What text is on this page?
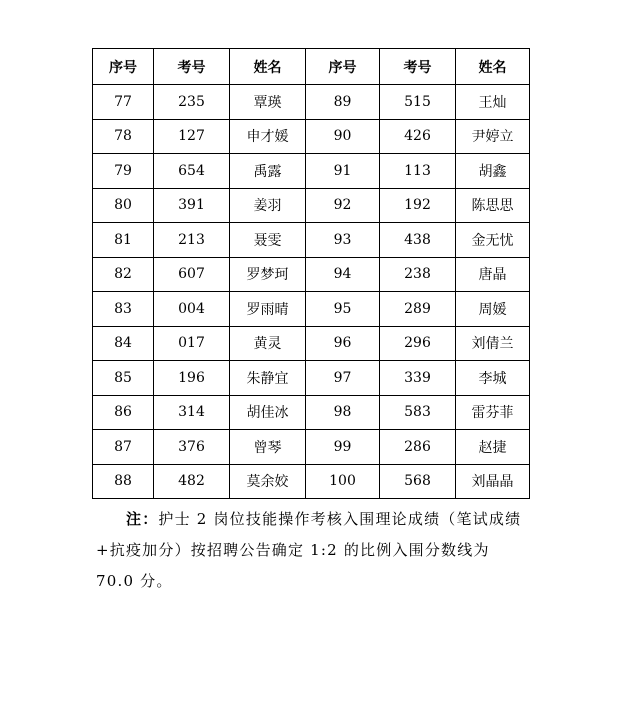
序号	考号	姓名	序号	考号	姓名
77	235	覃瑛	89	515	王灿
78	127	申才媛	90	426	尹婷立
79	654	禹露	91	113	胡鑫
80	391	姜羽	92	192	陈思思
81	213	聂雯	93	438	金无忧
82	607	罗梦珂	94	238	唐晶
83	004	罗雨晴	95	289	周媛
84	017	黄灵	96	296	刘倩兰
85	196	朱静宜	97	339	李城
86	314	胡佳冰	98	583	雷芬菲
87	376	曾琴	99	286	赵捷
88	482	莫余姣	100	568	刘晶晶
注：护士 2 岗位技能操作考核入围理论成绩（笔试成绩+抗疫加分）按招聘公告确定 1:2 的比例入围分数线为 70.0 分。
